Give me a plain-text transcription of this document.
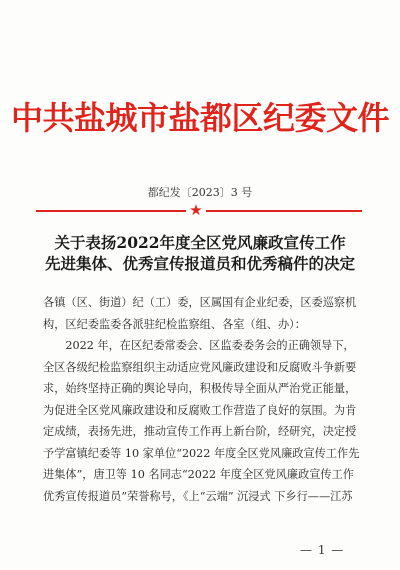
中共盐城市盐都区纪委文件
都纪发〔2023〕3 号
★
关于表扬2022年度全区党风廉政宣传工作
先进集体、优秀宣传报道员和优秀稿件的决定

各镇（区、街道）纪（工）委，区属国有企业纪委，区委巡察机构，区纪委监委各派驻纪检监察组、各室（组、办）：

2022 年，在区纪委常委会、区监委委务会的正确领导下，全区各级纪检监察组织主动适应党风廉政建设和反腐败斗争新要求，始终坚持正确的舆论导向，积极传导全面从严治党正能量，为促进全区党风廉政建设和反腐败工作营造了良好的氛围。为肯定成绩，表扬先进，推动宣传工作再上新台阶，经研究，决定授予学富镇纪委等 10 家单位“2022 年度全区党风廉政宣传工作先进集体”，唐卫等 10 名同志“2022 年度全区党风廉政宣传工作优秀宣传报道员”荣誉称号，《上“云端” 沉浸式 下乡行——江苏

— 1 —
